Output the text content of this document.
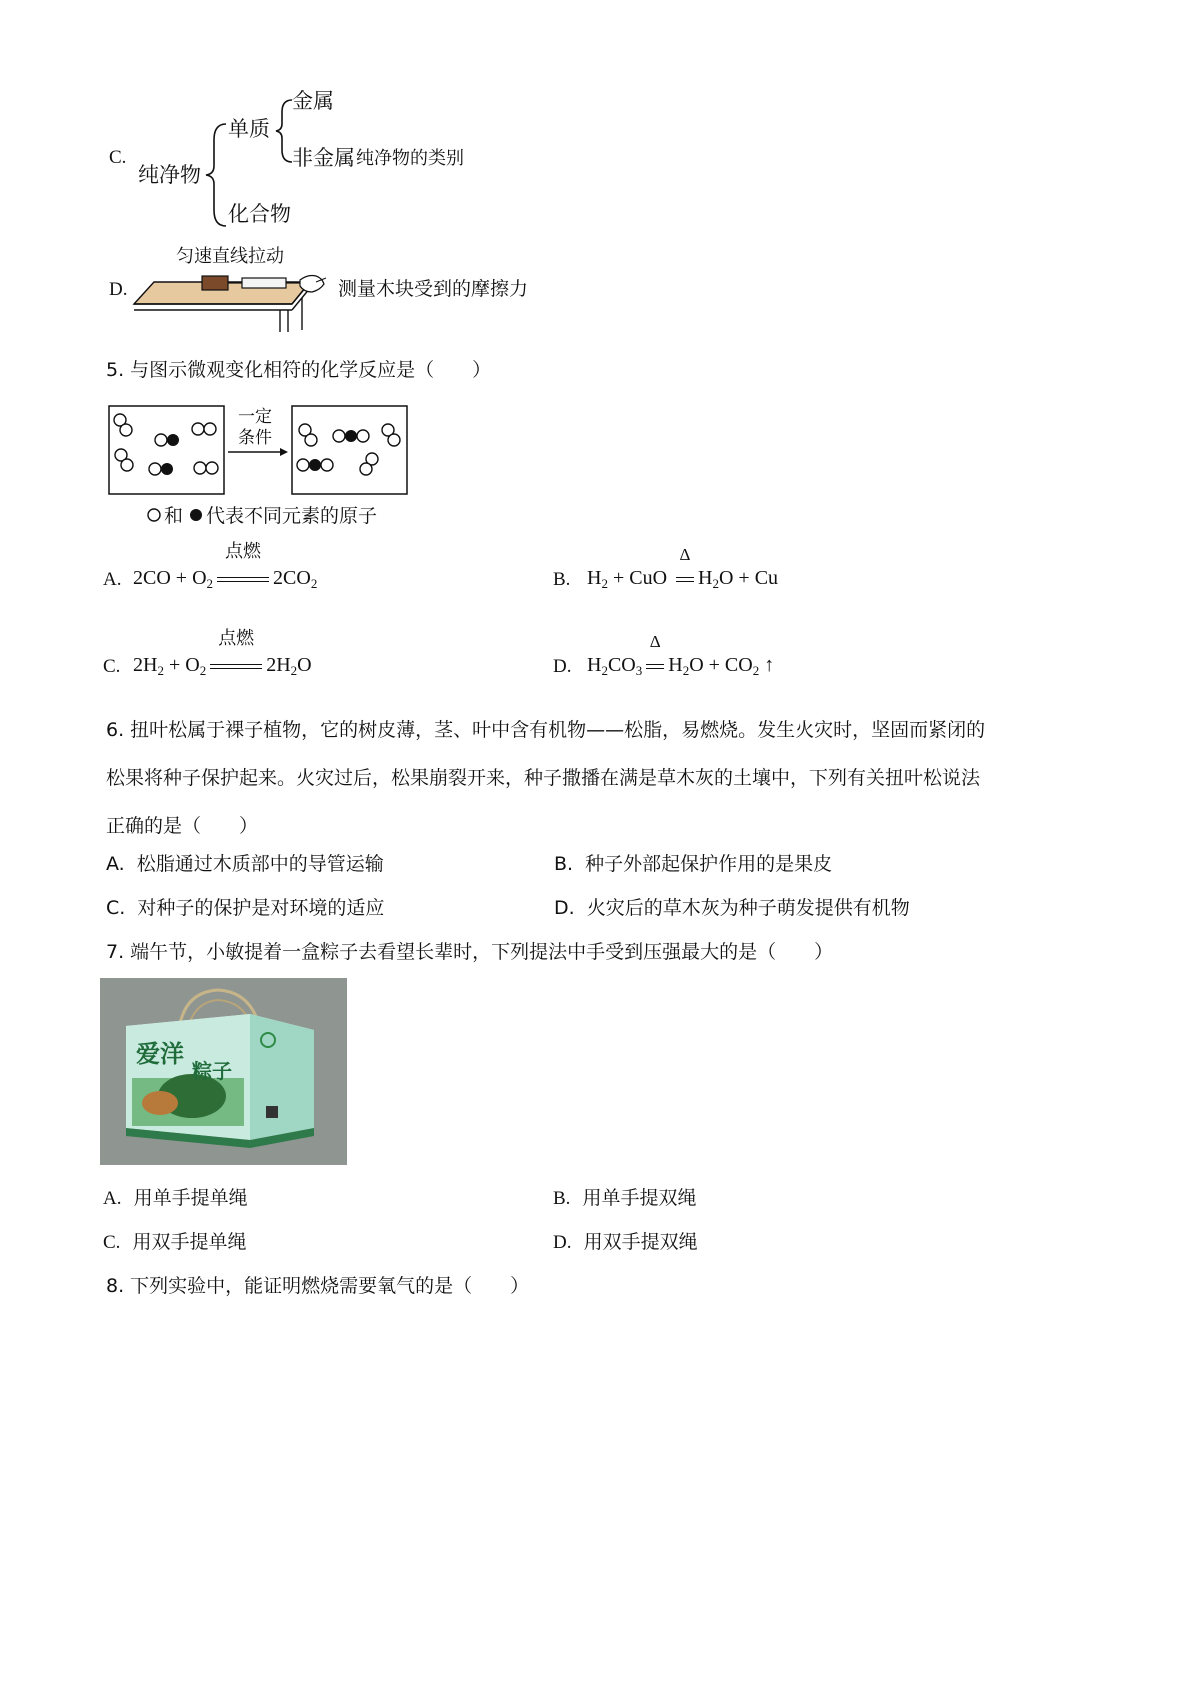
C.
纯净物
单质
化合物
金属
非金属 纯净物的类别
D.
匀速直线拉动
测量木块受到的摩擦力
5. 与图示微观变化相符的化学反应是（　　）
一定
条件
和 代表不同元素的原子
A. $2CO + O_2$
点燃
$2CO_2$	B. $H_2$ + CuO
Δ
$H_2O + Cu$
C. $2H_2 + O_2$
点燃
$2H_2O$	D. $H_2CO_3$
Δ
$H_2O + CO_2$ ↑
6. 扭叶松属于裸子植物，它的树皮薄，茎、叶中含有机物——松脂，易燃烧。发生火灾时，坚固而紧闭的
松果将种子保护起来。火灾过后，松果崩裂开来，种子撒播在满是草木灰的土壤中，下列有关扭叶松说法
正确的是（　　）
A. 松脂通过木质部中的导管运输	B. 种子外部起保护作用的是果皮
C. 对种子的保护是对环境的适应	D. 火灾后的草木灰为种子萌发提供有机物
7. 端午节，小敏提着一盒粽子去看望长辈时，下列提法中手受到压强最大的是（　　）
爱洋
粽子
A. 用单手提单绳	B. 用单手提双绳
C. 用双手提单绳	D. 用双手提双绳
8. 下列实验中，能证明燃烧需要氧气的是（　　）
